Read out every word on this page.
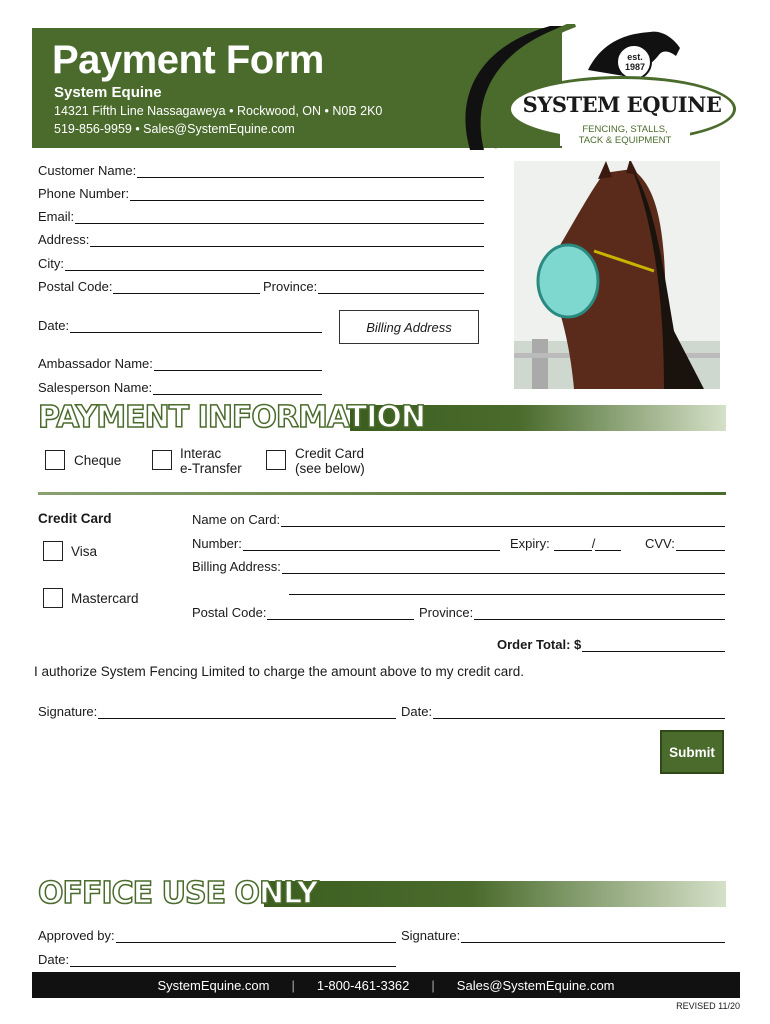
Payment Form
System Equine
14321 Fifth Line Nassagaweya • Rockwood, ON • N0B 2K0
519-856-9959 • Sales@SystemEquine.com
est.
1987
SYSTEM EQUINE
FENCING, STALLS,
TACK & EQUIPMENT
Customer Name:
Phone Number:
Email:
Address:
City:
Postal Code:	Province:
Date:	Billing Address
Ambassador Name:
Salesperson Name:
PAYMENT INFORMATION
Cheque	Interac
e-Transfer
Credit Card
(see below)
Credit Card
Visa
Mastercard
Name on Card:
Number:	Expiry:	/	CVV:
Billing Address:
Postal Code:	Province:
Order Total: $
I authorize System Fencing Limited to charge the amount above to my credit card.
Signature:	Date:
Submit
OFFICE USE ONLY
Approved by:	Signature:
Date:
SystemEquine.com | 1-800-461-3362 | Sales@SystemEquine.com
REVISED 11/20
